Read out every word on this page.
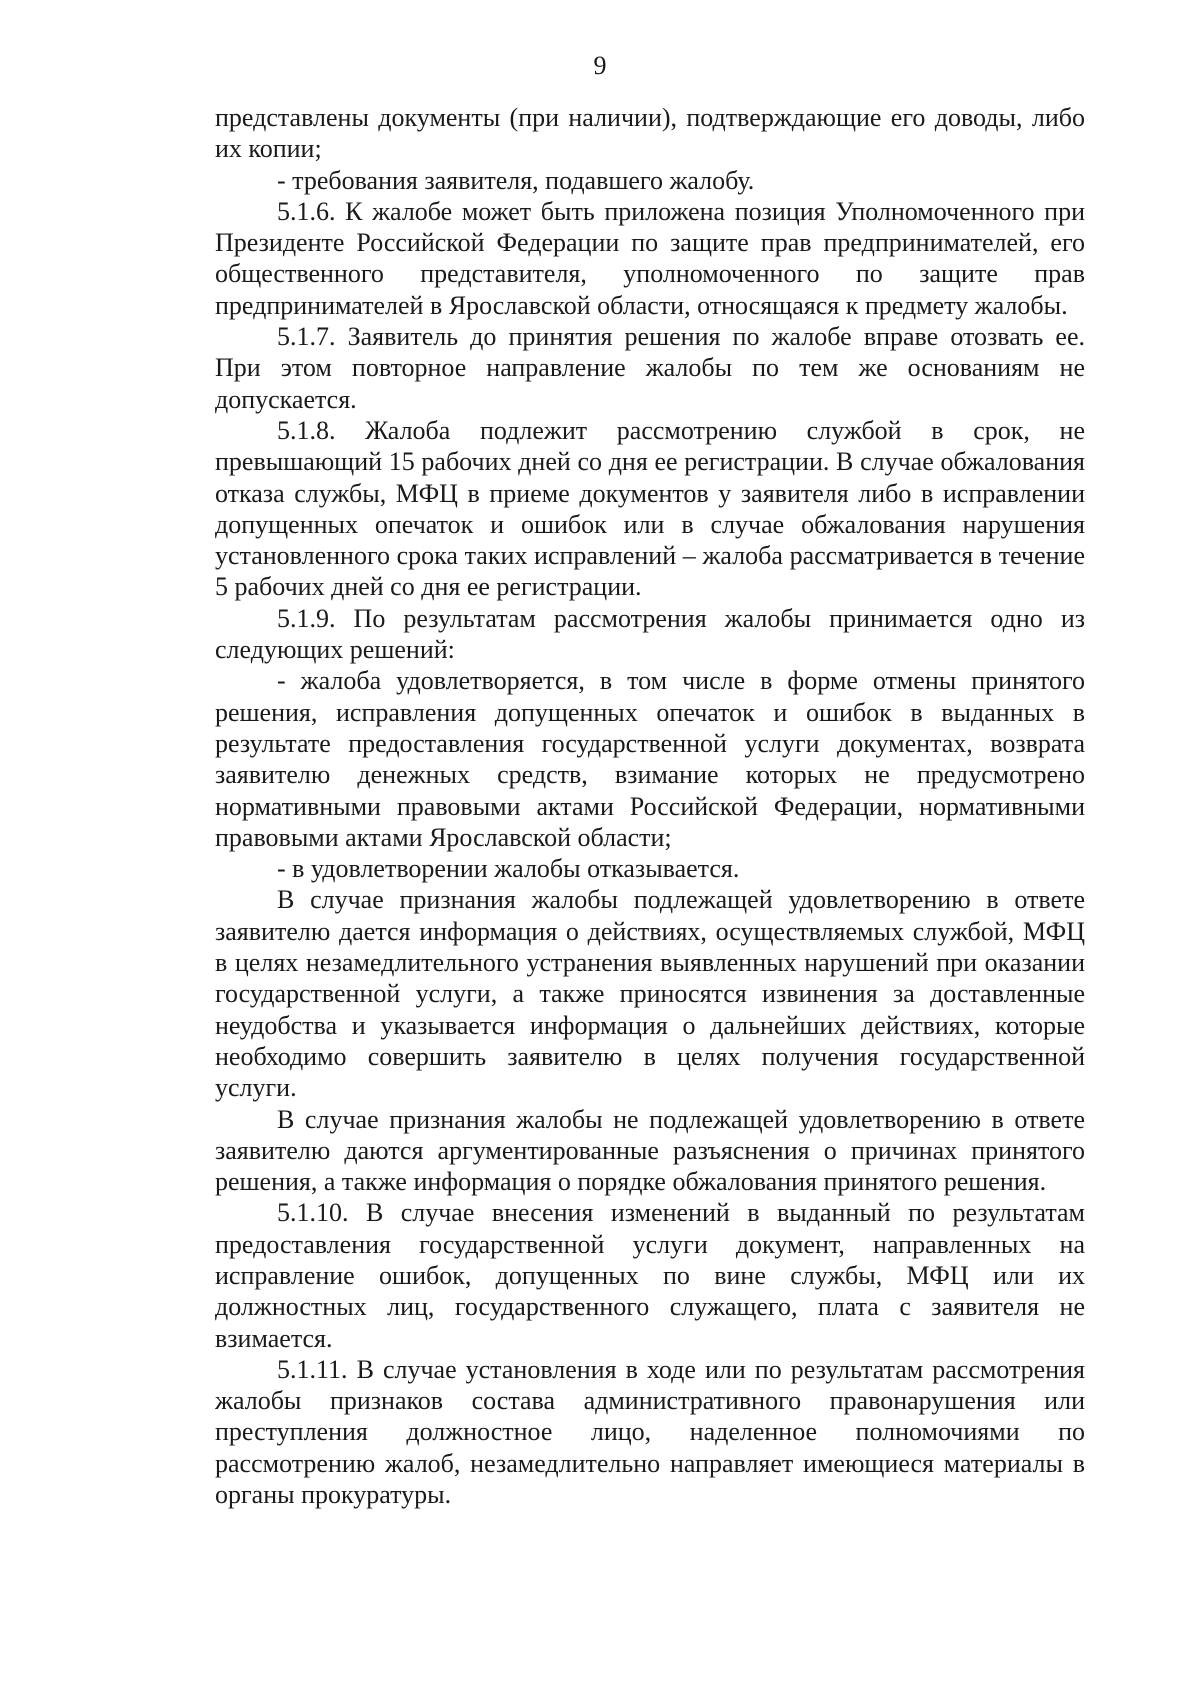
9

представлены документы (при наличии), подтверждающие его доводы, либо их копии;

- требования заявителя, подавшего жалобу.

5.1.6. К жалобе может быть приложена позиция Уполномоченного при Президенте Российской Федерации по защите прав предпринимателей, его общественного представителя, уполномоченного по защите прав предпринимателей в Ярославской области, относящаяся к предмету жалобы.

5.1.7. Заявитель до принятия решения по жалобе вправе отозвать ее. При этом повторное направление жалобы по тем же основаниям не допускается.

5.1.8. Жалоба подлежит рассмотрению службой в срок, не превышающий 15 рабочих дней со дня ее регистрации. В случае обжалования отказа службы, МФЦ в приеме документов у заявителя либо в исправлении допущенных опечаток и ошибок или в случае обжалования нарушения установленного срока таких исправлений – жалоба рассматривается в течение 5 рабочих дней со дня ее регистрации.

5.1.9. По результатам рассмотрения жалобы принимается одно из следующих решений:

- жалоба удовлетворяется, в том числе в форме отмены принятого решения, исправления допущенных опечаток и ошибок в выданных в результате предоставления государственной услуги документах, возврата заявителю денежных средств, взимание которых не предусмотрено нормативными правовыми актами Российской Федерации, нормативными правовыми актами Ярославской области;

- в удовлетворении жалобы отказывается.

В случае признания жалобы подлежащей удовлетворению в ответе заявителю дается информация о действиях, осуществляемых службой, МФЦ в целях незамедлительного устранения выявленных нарушений при оказании государственной услуги, а также приносятся извинения за доставленные неудобства и указывается информация о дальнейших действиях, которые необходимо совершить заявителю в целях получения государственной услуги.

В случае признания жалобы не подлежащей удовлетворению в ответе заявителю даются аргументированные разъяснения о причинах принятого решения, а также информация о порядке обжалования принятого решения.

5.1.10. В случае внесения изменений в выданный по результатам предоставления государственной услуги документ, направленных на исправление ошибок, допущенных по вине службы, МФЦ или их должностных лиц, государственного служащего, плата с заявителя не взимается.

5.1.11. В случае установления в ходе или по результатам рассмотрения жалобы признаков состава административного правонарушения или преступления должностное лицо, наделенное полномочиями по рассмотрению жалоб, незамедлительно направляет имеющиеся материалы в органы прокуратуры.
